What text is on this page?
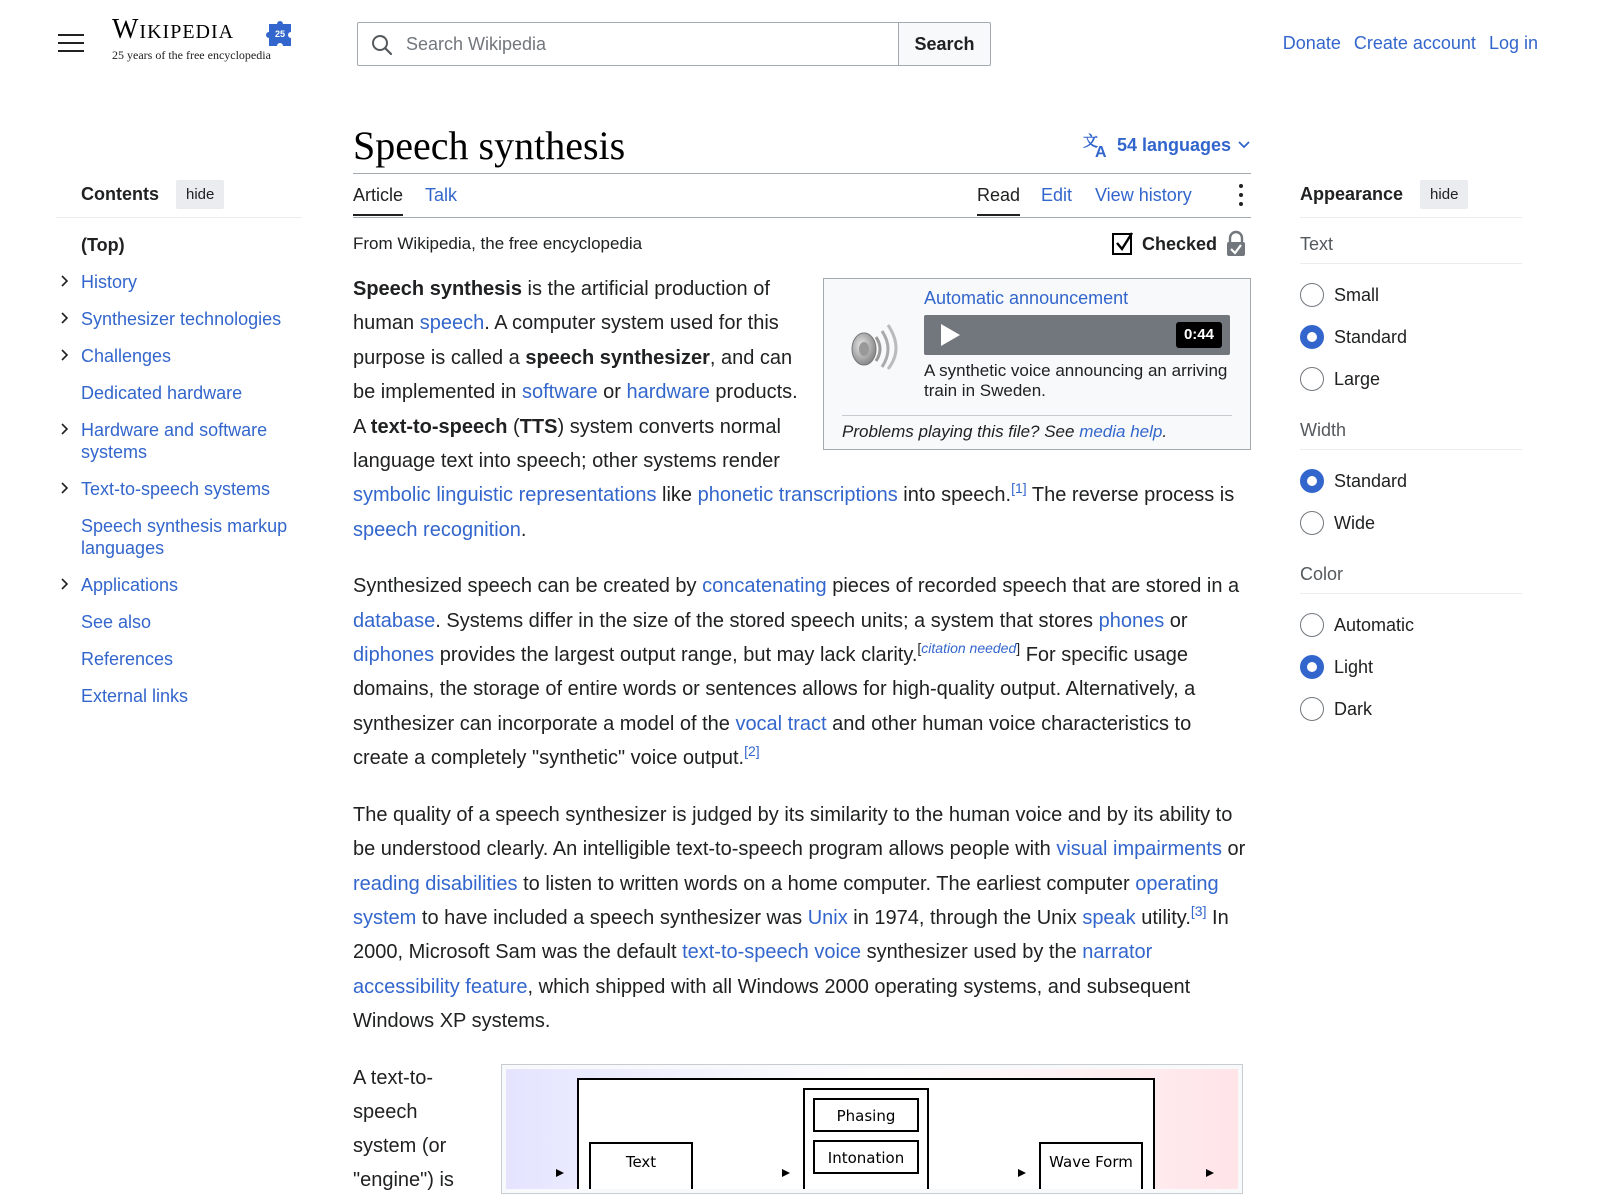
Wikipedia	25
25 years of the free encyclopedia
Search Wikipedia
Search	Donate Create account Log in
Contents	hide
(Top)
History
Synthesizer technologies
Challenges
Dedicated hardware
Hardware and software systems
Text-to-speech systems
Speech synthesis markup languages
Applications
See also
References
External links
Speech synthesis	文
A 54 languages
Article Talk	Read Edit View history
From Wikipedia, the free encyclopedia	Checked
Automatic announcement
0:44
A synthetic voice announcing an arriving train in Sweden.
Problems playing this file? See media help.

Speech synthesis is the artificial production of human speech. A computer system used for this purpose is called a speech synthesizer, and can be implemented in software or hardware products. A text-to-speech (TTS) system converts normal language text into speech; other systems render symbolic linguistic representations like phonetic transcriptions into speech.[1] The reverse process is speech recognition.

Synthesized speech can be created by concatenating pieces of recorded speech that are stored in a database. Systems differ in the size of the stored speech units; a system that stores phones or diphones provides the largest output range, but may lack clarity.[citation needed] For specific usage domains, the storage of entire words or sentences allows for high-quality output. Alternatively, a synthesizer can incorporate a model of the vocal tract and other human voice characteristics to create a completely "synthetic" voice output.[2]

The quality of a speech synthesizer is judged by its similarity to the human voice and by its ability to be understood clearly. An intelligible text-to-speech program allows people with visual impairments or reading disabilities to listen to written words on a home computer. The earliest computer operating system to have included a speech synthesizer was Unix in 1974, through the Unix speak utility.[3] In 2000, Microsoft Sam was the default text-to-speech voice synthesizer used by the narrator accessibility feature, which shipped with all Windows 2000 operating systems, and subsequent Windows XP systems.

A text-to-speech system (or "engine") is
Text
Phasing
Intonation	Wave Form
Appearance	hide
Text
Small
Standard
Large
Width
Standard
Wide
Color
Automatic
Light
Dark
